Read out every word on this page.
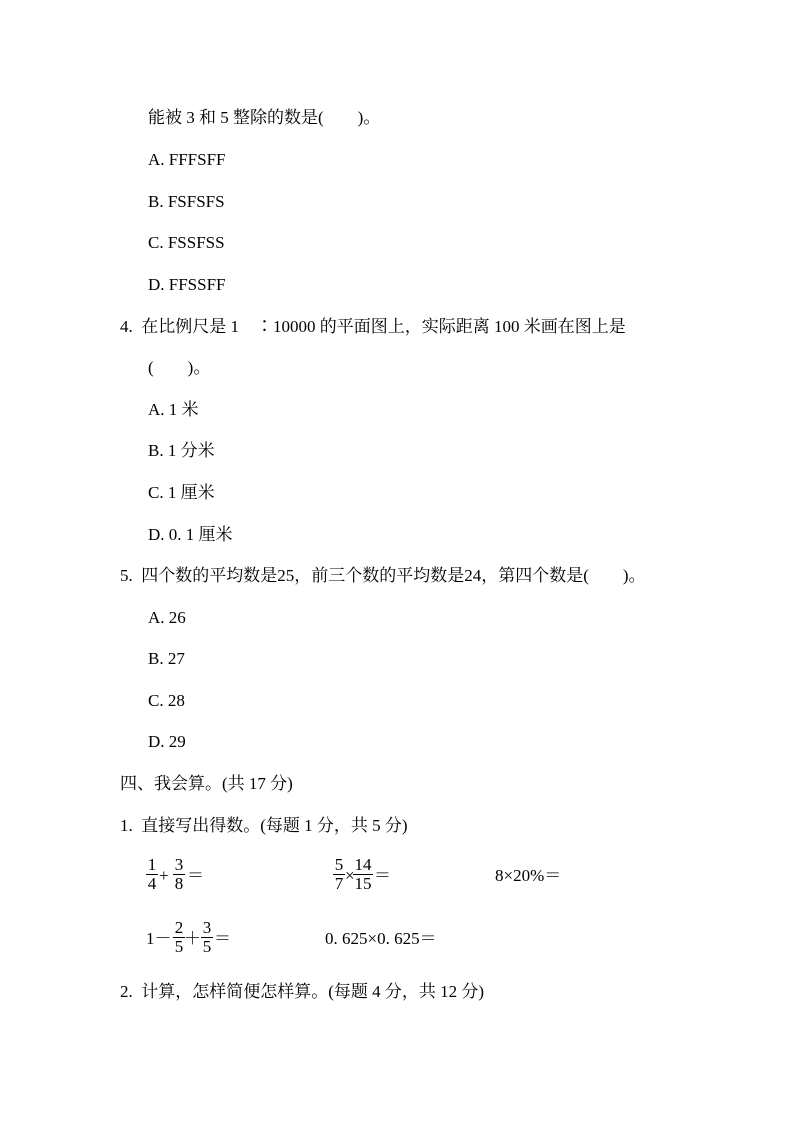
能被 3 和 5 整除的数是(　　)。
A. FFFSFF
B. FSFSFS
C. FSSFSS
D. FFSSFF
4.  在比例尺是 1　∶10000 的平面图上，实际距离 100 米画在图上是
(　　)。
A. 1 米
B. 1 分米
C. 1 厘米
D. 0. 1 厘米
5.  四个数的平均数是25，前三个数的平均数是24，第四个数是(　　)。
A. 26
B. 27
C. 28
D. 29
四、我会算。(共 17 分)
1.  直接写出得数。(每题 1 分，共 5 分)
1
4 +
3
8 ＝
5
7 ×
14
15 ＝	8×20%＝
1－
2
5 ＋
3
5 ＝	0. 625×0. 625＝
2.  计算，怎样简便怎样算。(每题 4 分，共 12 分)
